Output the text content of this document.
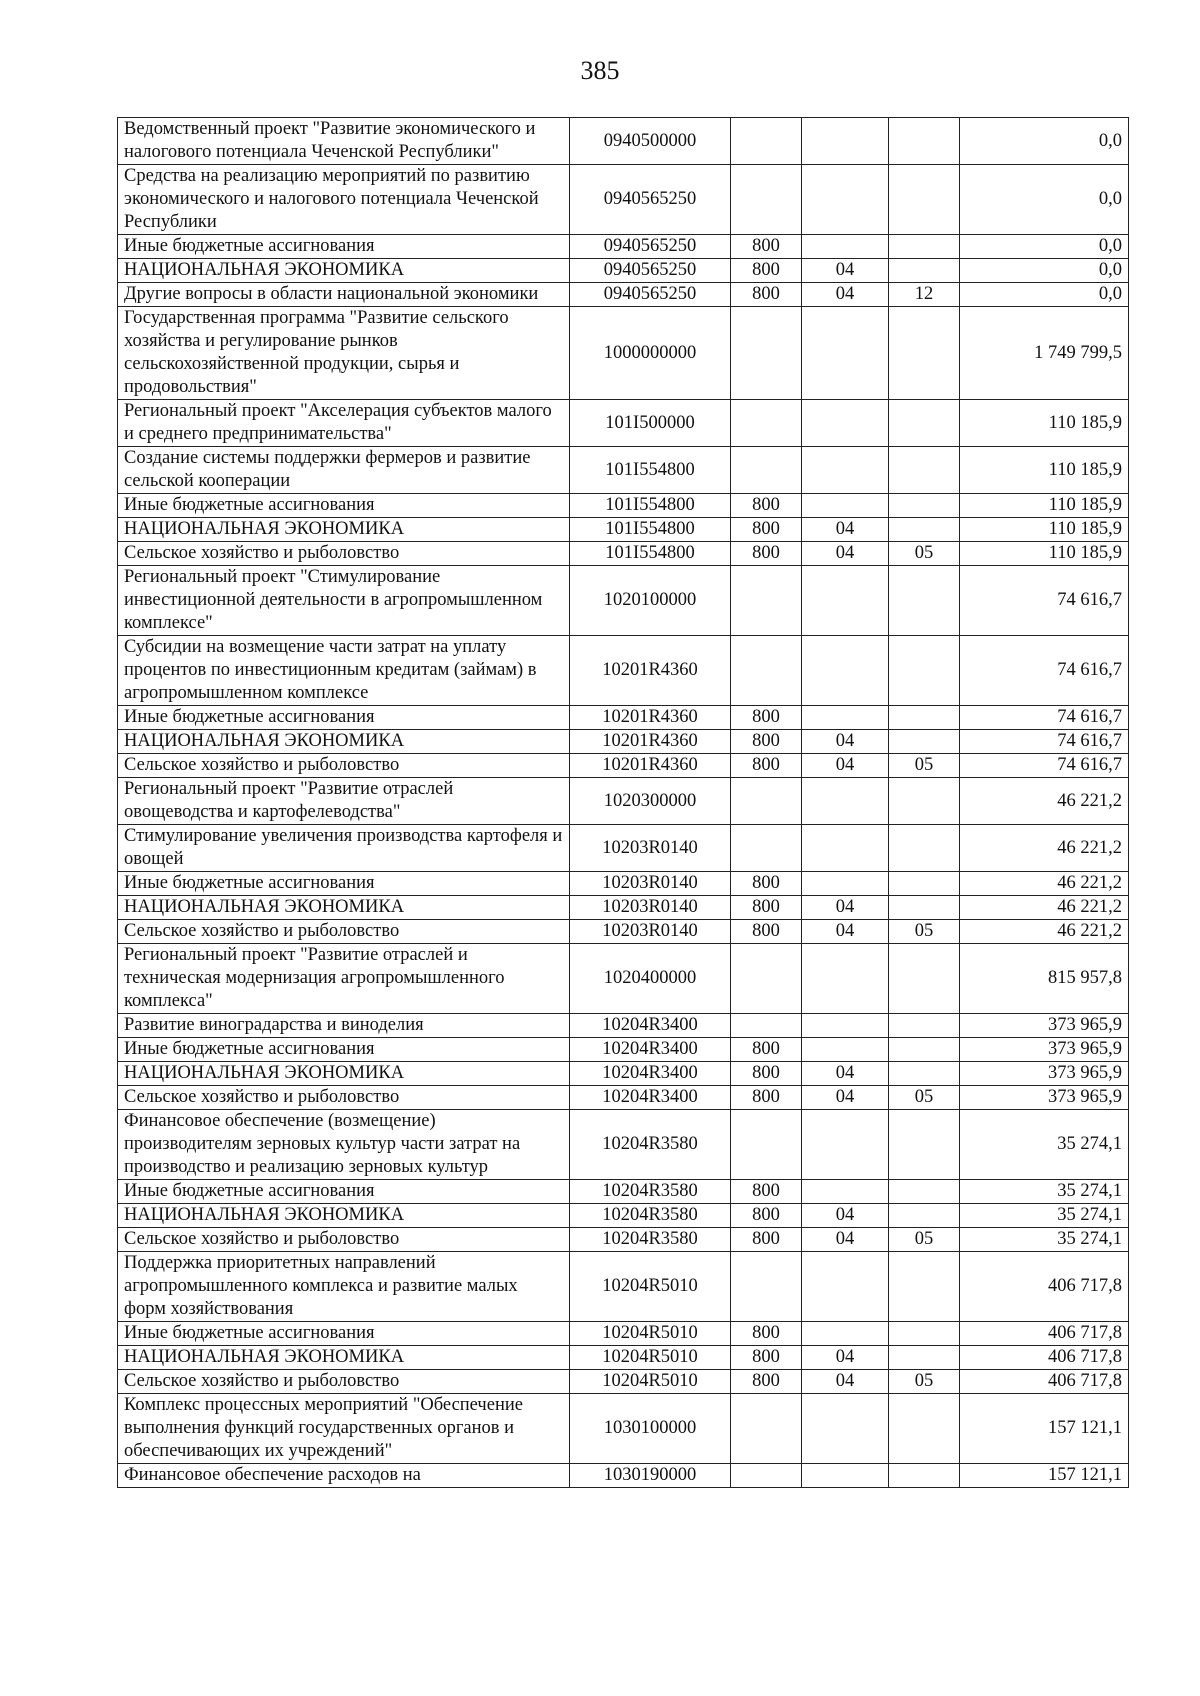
385
Ведомственный проект "Развитие экономического и налогового потенциала Чеченской Республики"	0940500000				0,0
Средства на реализацию мероприятий по развитию экономического и налогового потенциала Чеченской Республики	0940565250				0,0
Иные бюджетные ассигнования	0940565250	800			0,0
НАЦИОНАЛЬНАЯ ЭКОНОМИКА	0940565250	800	04		0,0
Другие вопросы в области национальной экономики	0940565250	800	04	12	0,0
Государственная программа "Развитие сельского хозяйства и регулирование рынков сельскохозяйственной продукции, сырья и продовольствия"	1000000000				1 749 799,5
Региональный проект "Акселерация субъектов малого и среднего предпринимательства"	101I500000				110 185,9
Создание системы поддержки фермеров и развитие сельской кооперации	101I554800				110 185,9
Иные бюджетные ассигнования	101I554800	800			110 185,9
НАЦИОНАЛЬНАЯ ЭКОНОМИКА	101I554800	800	04		110 185,9
Сельское хозяйство и рыболовство	101I554800	800	04	05	110 185,9
Региональный проект "Стимулирование инвестиционной деятельности в агропромышленном комплексе"	1020100000				74 616,7
Субсидии на возмещение части затрат на уплату процентов по инвестиционным кредитам (займам) в агропромышленном комплексе	10201R4360				74 616,7
Иные бюджетные ассигнования	10201R4360	800			74 616,7
НАЦИОНАЛЬНАЯ ЭКОНОМИКА	10201R4360	800	04		74 616,7
Сельское хозяйство и рыболовство	10201R4360	800	04	05	74 616,7
Региональный проект "Развитие отраслей овощеводства и картофелеводства"	1020300000				46 221,2
Стимулирование увеличения производства картофеля и овощей	10203R0140				46 221,2
Иные бюджетные ассигнования	10203R0140	800			46 221,2
НАЦИОНАЛЬНАЯ ЭКОНОМИКА	10203R0140	800	04		46 221,2
Сельское хозяйство и рыболовство	10203R0140	800	04	05	46 221,2
Региональный проект "Развитие отраслей и техническая модернизация агропромышленного комплекса"	1020400000				815 957,8
Развитие виноградарства и виноделия	10204R3400				373 965,9
Иные бюджетные ассигнования	10204R3400	800			373 965,9
НАЦИОНАЛЬНАЯ ЭКОНОМИКА	10204R3400	800	04		373 965,9
Сельское хозяйство и рыболовство	10204R3400	800	04	05	373 965,9
Финансовое обеспечение (возмещение) производителям зерновых культур части затрат на производство и реализацию зерновых культур	10204R3580				35 274,1
Иные бюджетные ассигнования	10204R3580	800			35 274,1
НАЦИОНАЛЬНАЯ ЭКОНОМИКА	10204R3580	800	04		35 274,1
Сельское хозяйство и рыболовство	10204R3580	800	04	05	35 274,1
Поддержка приоритетных направлений агропромышленного комплекса и развитие малых форм хозяйствования	10204R5010				406 717,8
Иные бюджетные ассигнования	10204R5010	800			406 717,8
НАЦИОНАЛЬНАЯ ЭКОНОМИКА	10204R5010	800	04		406 717,8
Сельское хозяйство и рыболовство	10204R5010	800	04	05	406 717,8
Комплекс процессных мероприятий "Обеспечение выполнения функций государственных органов и обеспечивающих их учреждений"	1030100000				157 121,1
Финансовое обеспечение расходов на	1030190000				157 121,1
